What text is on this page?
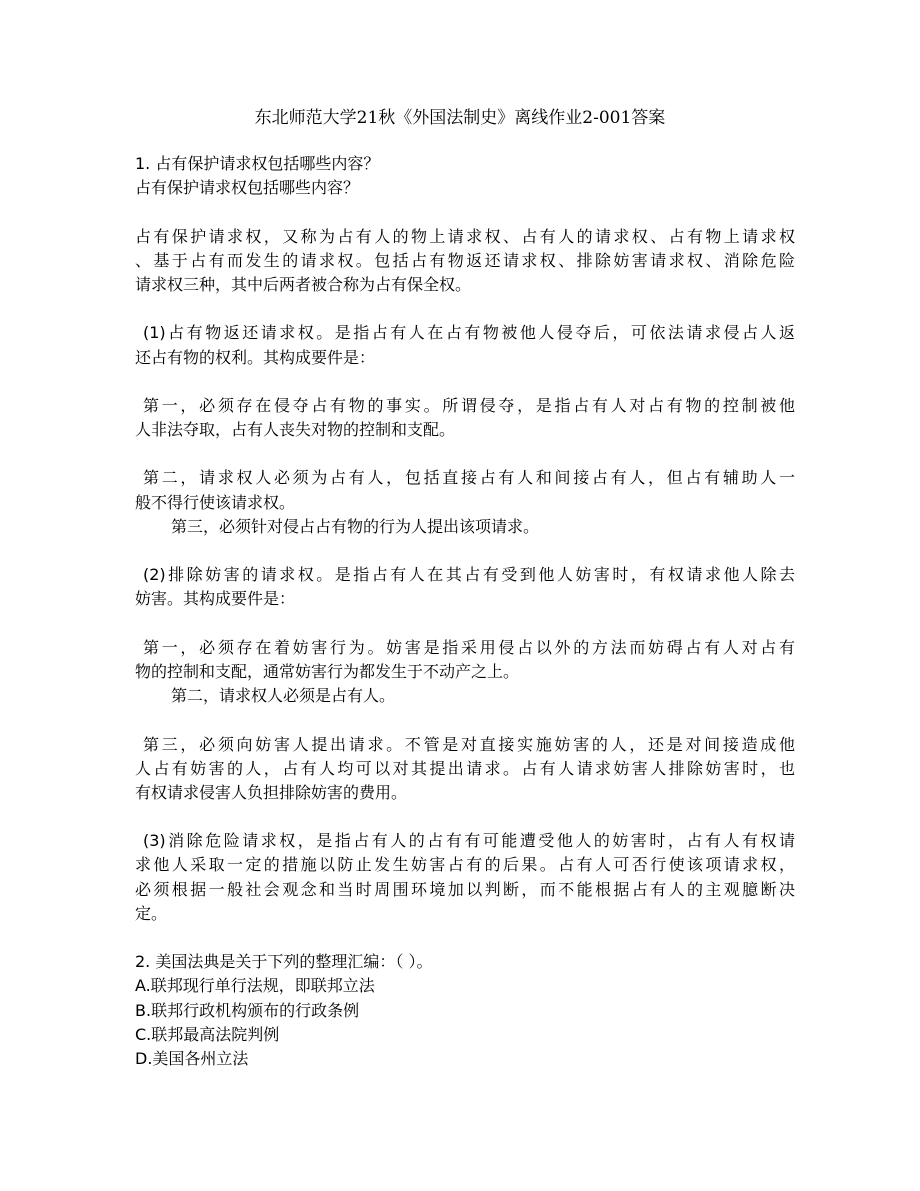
东北师范大学21秋《外国法制史》离线作业2-001答案
1. 占有保护请求权包括哪些内容？
占有保护请求权包括哪些内容？
占有保护请求权，又称为占有人的物上请求权、占有人的请求权、占有物上请求权
、基于占有而发生的请求权。包括占有物返还请求权、排除妨害请求权、消除危险
请求权三种，其中后两者被合称为占有保全权。
(1)占有物返还请求权。是指占有人在占有物被他人侵夺后，可依法请求侵占人返
还占有物的权利。其构成要件是：
第一，必须存在侵夺占有物的事实。所谓侵夺，是指占有人对占有物的控制被他
人非法夺取，占有人丧失对物的控制和支配。
第二，请求权人必须为占有人，包括直接占有人和间接占有人，但占有辅助人一
般不得行使该请求权。
第三，必须针对侵占占有物的行为人提出该项请求。
(2)排除妨害的请求权。是指占有人在其占有受到他人妨害时，有权请求他人除去
妨害。其构成要件是：
第一，必须存在着妨害行为。妨害是指采用侵占以外的方法而妨碍占有人对占有
物的控制和支配，通常妨害行为都发生于不动产之上。
第二，请求权人必须是占有人。
第三，必须向妨害人提出请求。不管是对直接实施妨害的人，还是对间接造成他
人占有妨害的人，占有人均可以对其提出请求。占有人请求妨害人排除妨害时，也
有权请求侵害人负担排除妨害的费用。
(3)消除危险请求权，是指占有人的占有有可能遭受他人的妨害时，占有人有权请
求他人采取一定的措施以防止发生妨害占有的后果。占有人可否行使该项请求权，
必须根据一般社会观念和当时周围环境加以判断，而不能根据占有人的主观臆断决
定。
2. 美国法典是关于下列的整理汇编：（ ）。
A.联邦现行单行法规，即联邦立法
B.联邦行政机构颁布的行政条例
C.联邦最高法院判例
D.美国各州立法
